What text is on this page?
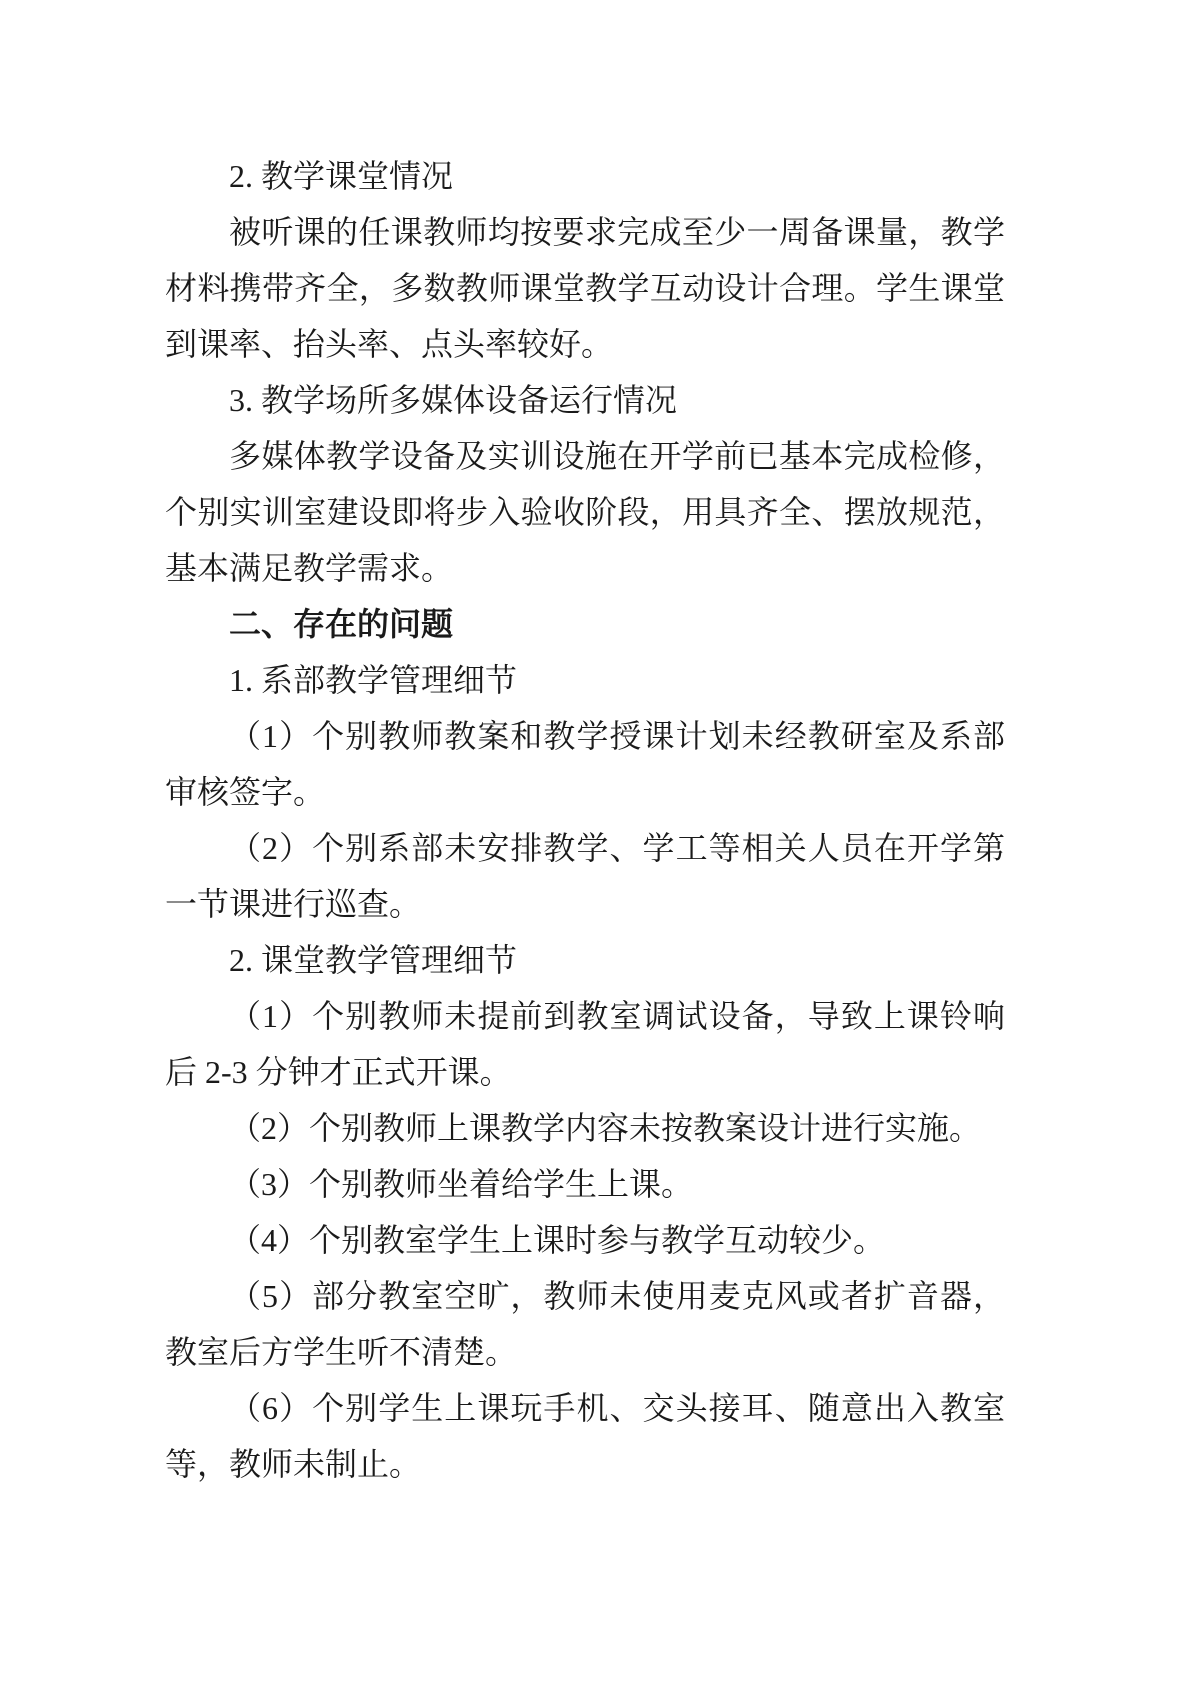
2. 教学课堂情况

被听课的任课教师均按要求完成至少一周备课量，教学材料携带齐全，多数教师课堂教学互动设计合理。学生课堂到课率、抬头率、点头率较好。

3. 教学场所多媒体设备运行情况

多媒体教学设备及实训设施在开学前已基本完成检修，个别实训室建设即将步入验收阶段，用具齐全、摆放规范，基本满足教学需求。

二、存在的问题
1. 系部教学管理细节

（1）个别教师教案和教学授课计划未经教研室及系部审核签字。

（2）个别系部未安排教学、学工等相关人员在开学第一节课进行巡查。

2. 课堂教学管理细节

（1）个别教师未提前到教室调试设备，导致上课铃响后 2-3 分钟才正式开课。

（2）个别教师上课教学内容未按教案设计进行实施。

（3）个别教师坐着给学生上课。

（4）个别教室学生上课时参与教学互动较少。

（5）部分教室空旷，教师未使用麦克风或者扩音器，教室后方学生听不清楚。

（6）个别学生上课玩手机、交头接耳、随意出入教室等，教师未制止。
